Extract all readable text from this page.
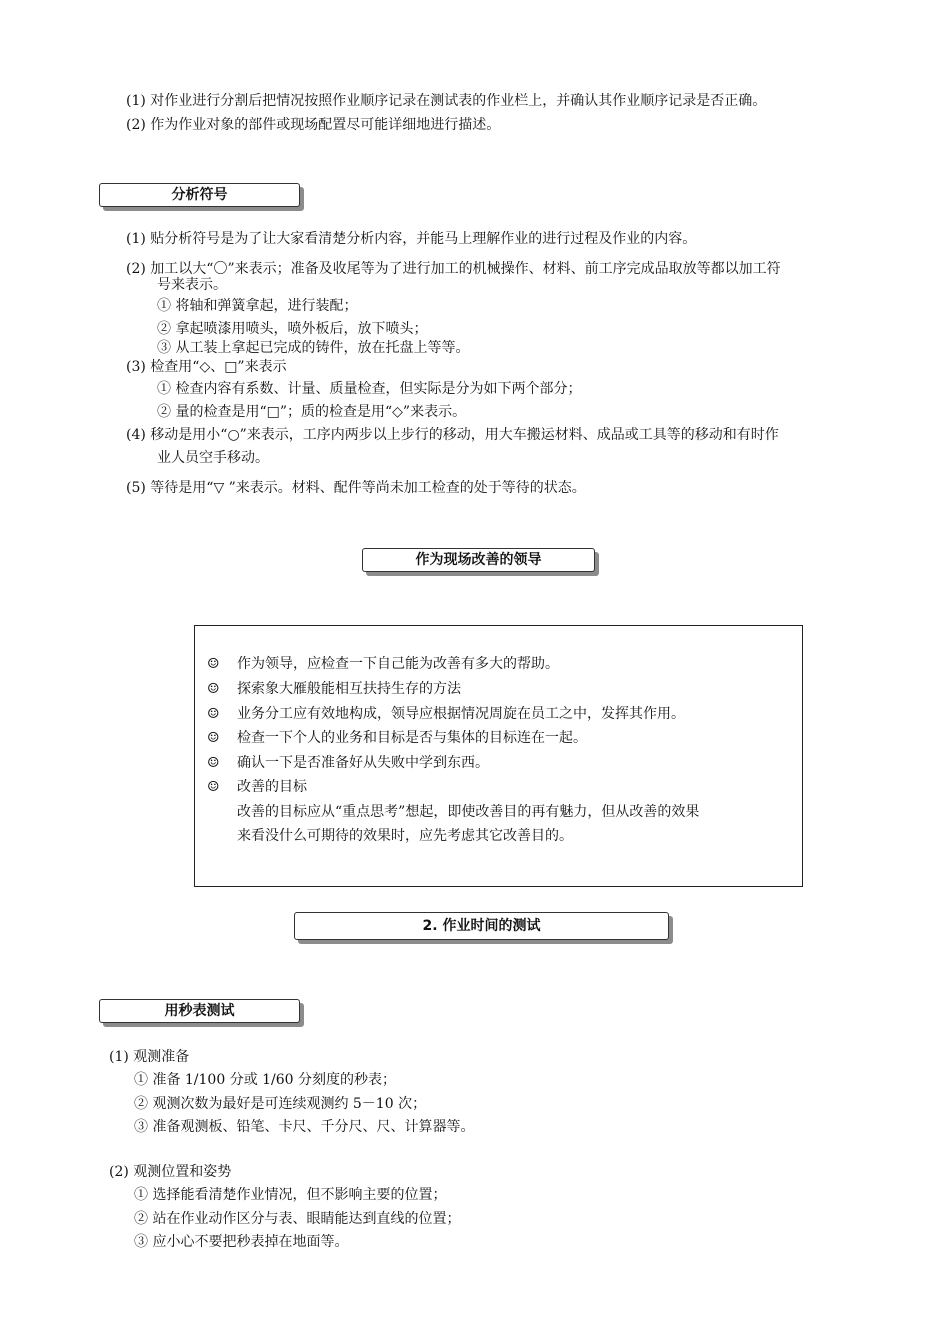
(1) 对作业进行分割后把情况按照作业顺序记录在测试表的作业栏上，并确认其作业顺序记录是否正确。
(2) 作为作业对象的部件或现场配置尽可能详细地进行描述。
分析符号
(1) 贴分析符号是为了让大家看清楚分析内容，并能马上理解作业的进行过程及作业的内容。
(2) 加工以大“〇”来表示；准备及收尾等为了进行加工的机械操作、材料、前工序完成品取放等都以加工符
号来表示。
① 将轴和弹簧拿起，进行装配；
② 拿起喷漆用喷头，喷外板后，放下喷头；
③ 从工装上拿起已完成的铸件，放在托盘上等等。
(3) 检查用“◇、□”来表示
① 检查内容有系数、计量、质量检查，但实际是分为如下两个部分；
② 量的检查是用“□”；质的检查是用“◇”来表示。
(4) 移动是用小“○”来表示，工序内两步以上步行的移动，用大车搬运材料、成品或工具等的移动和有时作
业人员空手移动。
(5) 等待是用“▽ ”来表示。材料、配件等尚未加工检查的处于等待的状态。
作为现场改善的领导
☺ 作为领导，应检查一下自己能为改善有多大的帮助。
☺ 探索象大雁般能相互扶持生存的方法
☺ 业务分工应有效地构成，领导应根据情况周旋在员工之中，发挥其作用。
☺ 检查一下个人的业务和目标是否与集体的目标连在一起。
☺ 确认一下是否准备好从失败中学到东西。
☺ 改善的目标
改善的目标应从“重点思考”想起，即使改善目的再有魅力，但从改善的效果
来看没什么可期待的效果时，应先考虑其它改善目的。
2. 作业时间的测试
用秒表测试
(1) 观测准备
① 准备 1/100 分或 1/60 分刻度的秒表；
② 观测次数为最好是可连续观测约 5－10 次；
③ 准备观测板、铅笔、卡尺、千分尺、尺、计算器等。
(2) 观测位置和姿势
① 选择能看清楚作业情况，但不影响主要的位置；
② 站在作业动作区分与表、眼睛能达到直线的位置；
③ 应小心不要把秒表掉在地面等。
